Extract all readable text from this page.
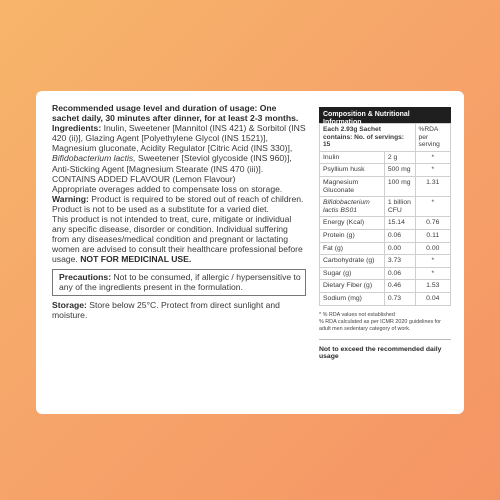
Recommended usage level and duration of usage: One sachet daily, 30 minutes after dinner, for at least 2-3 months.

Ingredients: Inulin, Sweetener [Mannitol (INS 421) & Sorbitol (INS 420 (ii)], Glazing Agent [Polyethylene Glycol (INS 1521)], Magnesium gluconate, Acidity Regulator [Citric Acid (INS 330)], Bifidobacterium lactis, Sweetener [Steviol glycoside (INS 960)], Anti-Sticking Agent [Magnesium Stearate (INS 470 (iii)].

CONTAINS ADDED FLAVOUR (Lemon Flavour)

Appropriate overages added to compensate loss on storage.

Warning: Product is required to be stored out of reach of children. Product is not to be used as a substitute for a varied diet.

This product is not intended to treat, cure, mitigate or individual any specific disease, disorder or condition. Individual suffering from any diseases/medical condition and pregnant or lactating women are advised to consult their healthcare professional before usage. NOT FOR MEDICINAL USE.

Precautions: Not to be consumed, if allergic / hypersensitive to any of the ingredients present in the formulation.

Storage: Store below 25°C. Protect from direct sunlight and moisture.

Composition & Nutritional Information
Each 2.93g Sachet contains: No. of servings: 15		%RDA per serving
Inulin	2 g	*
Psyllium husk	500 mg	*
Magnesium Gluconate	100 mg	1.31
Bifidobacterium lactis BS01	1 billion CFU	*
Energy (Kcal)	15.14	0.76
Protein (g)	0.06	0.11
Fat (g)	0.00	0.00
Carbohydrate (g)	3.73	*
Sugar (g)	0.06	*
Dietary Fiber (g)	0.46	1.53
Sodium (mg)	0.73	0.04
* % RDA values not established
% RDA calculated as per ICMR 2020 guidelines for adult men sedentary category of work.
Not to exceed the recommended daily usage
